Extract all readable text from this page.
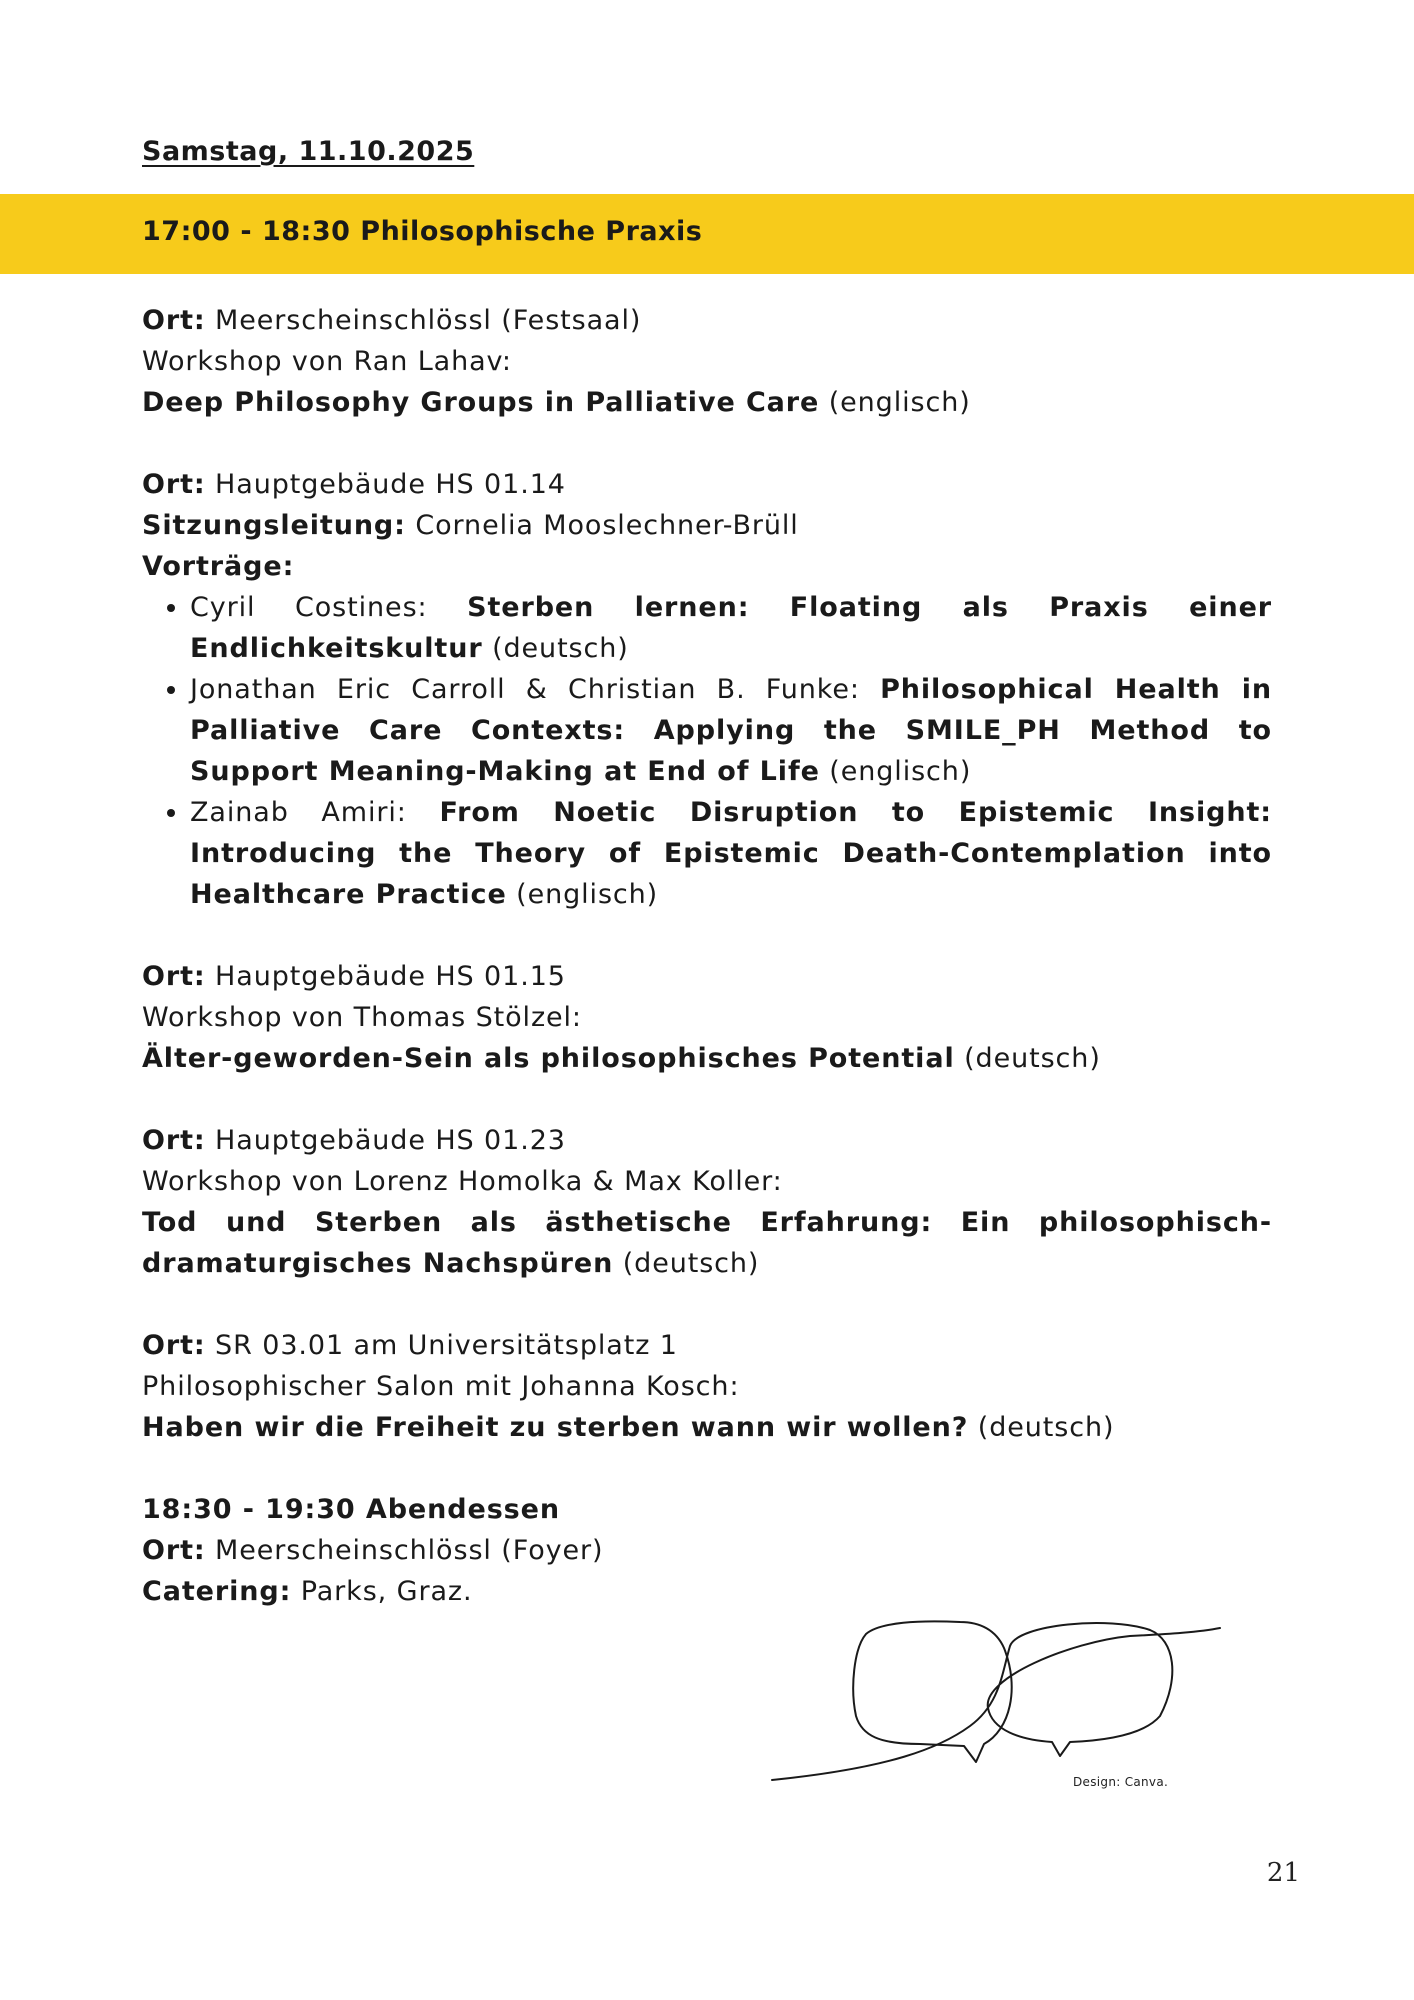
Samstag, 11.10.2025
17:00 - 18:30 Philosophische Praxis
Ort: Meerscheinschlössl (Festsaal)
Workshop von Ran Lahav:
Deep Philosophy Groups in Palliative Care (englisch)
Ort: Hauptgebäude HS 01.14
Sitzungsleitung: Cornelia Mooslechner-Brüll
Vorträge:
• Cyril Costines: Sterben lernen: Floating als Praxis einer Endlichkeitskultur (deutsch)
• Jonathan Eric Carroll & Christian B. Funke: Philosophical Health in Palliative Care Contexts: Applying the SMILE_PH Method to Support Meaning-Making at End of Life (englisch)
• Zainab Amiri: From Noetic Disruption to Epistemic Insight: Introducing the Theory of Epistemic Death-Contemplation into Healthcare Practice (englisch)
Ort: Hauptgebäude HS 01.15
Workshop von Thomas Stölzel:
Älter-geworden-Sein als philosophisches Potential (deutsch)
Ort: Hauptgebäude HS 01.23
Workshop von Lorenz Homolka & Max Koller:
Tod und Sterben als ästhetische Erfahrung: Ein philosophisch-dramaturgisches Nachspüren (deutsch)
Ort: SR 03.01 am Universitätsplatz 1
Philosophischer Salon mit Johanna Kosch:
Haben wir die Freiheit zu sterben wann wir wollen? (deutsch)
18:30 - 19:30 Abendessen
Ort: Meerscheinschlössl (Foyer)
Catering: Parks, Graz.
Design: Canva.
21
